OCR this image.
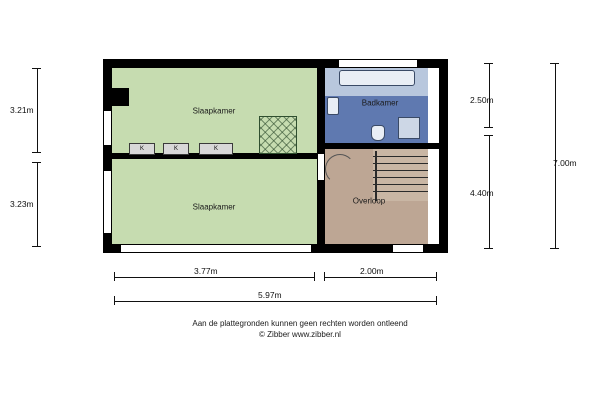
K	K	K
Slaapkamer
Slaapkamer
Badkamer
Overloop
3.21m
3.23m
2.50m
4.40m
7.00m
3.77m	2.00m
5.97m
Aan de plattegronden kunnen geen rechten worden ontleend
© Zibber www.zibber.nl
